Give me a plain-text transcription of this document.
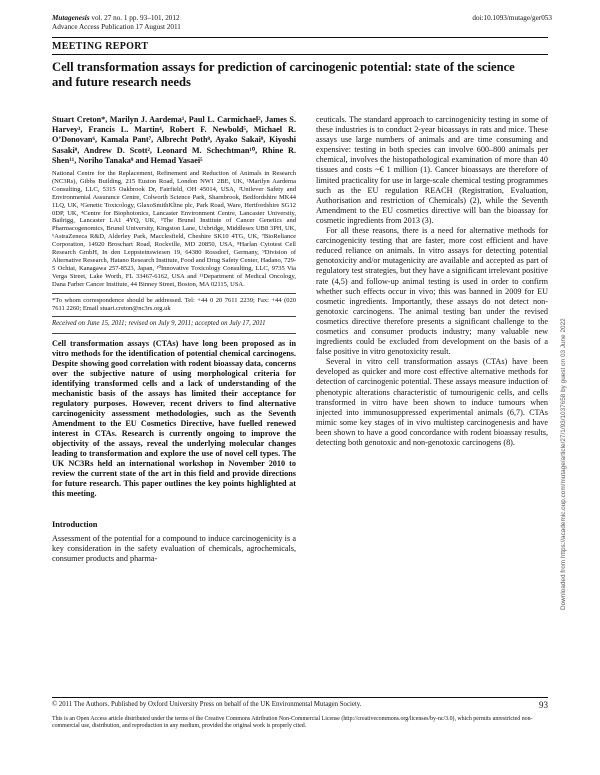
Mutagenesis vol. 27 no. 1 pp. 93–101, 2012
Advance Access Publication 17 August 2011
doi:10.1093/mutage/ger053
MEETING REPORT
Cell transformation assays for prediction of carcinogenic potential: state of the science and future research needs
Stuart Creton*, Marilyn J. Aardema¹, Paul L. Carmichael², James S. Harvey³, Francis L. Martin⁴, Robert F. Newbold⁵, Michael R. O’Donovan⁶, Kamala Pant⁷, Albrecht Poth⁸, Ayako Sakai⁹, Kiyoshi Sasaki⁹, Andrew D. Scott², Leonard M. Schechtman¹⁰, Rhine R. Shen¹¹, Noriho Tanaka⁹ and Hemad Yasaei⁵
National Centre for the Replacement, Refinement and Reduction of Animals in Research (NC3Rs), Gibbs Building, 215 Euston Road, London NW1 2BE, UK, ¹Marilyn Aardema Consulting, LLC, 5315 Oakbrook Dr, Fairfield, OH 45014, USA, ²Unilever Safety and Environmental Assurance Centre, Colworth Science Park, Sharnbrook, Bedfordshire MK44 1LQ, UK, ³Genetic Toxicology, GlaxoSmithKline plc, Park Road, Ware, Hertfordshire SG12 0DP, UK, ⁴Centre for Biophotonics, Lancaster Environment Centre, Lancaster University, Bailrigg, Lancaster LA1 4YQ, UK, ⁵The Brunel Institute of Cancer Genetics and Pharmacogenomics, Brunel University, Kingston Lane, Uxbridge, Middlesex UB8 3PH, UK, ⁶AstraZeneca R&D, Alderley Park, Macclesfield, Cheshire SK10 4TG, UK, ⁷BioReliance Corporation, 14920 Broschart Road, Rockville, MD 20850, USA, ⁸Harlan Cytotest Cell Research GmbH, In den Leppsteinswiesen 19, 64380 Rossdorf, Germany, ⁹Division of Alternative Research, Hatano Research Institute, Food and Drug Safety Center, Hadano, 729-5 Ochiai, Kanagawa 257-8523, Japan, ¹⁰Innovative Toxicology Consulting, LLC, 9735 Via Verga Street, Lake Worth, FL 33467-6162, USA and ¹¹Department of Medical Oncology, Dana Farber Cancer Institute, 44 Binney Street, Boston, MA 02115, USA.
*To whom correspondence should be addressed. Tel: +44 0 20 7611 2239; Fax: +44 (020 7611 2260; Email stuart.creton@nc3rs.org.uk
Received on June 15, 2011; revised on July 9, 2011; accepted on July 17, 2011
Cell transformation assays (CTAs) have long been proposed as in vitro methods for the identification of potential chemical carcinogens. Despite showing good correlation with rodent bioassay data, concerns over the subjective nature of using morphological criteria for identifying transformed cells and a lack of understanding of the mechanistic basis of the assays has limited their acceptance for regulatory purposes. However, recent drivers to find alternative carcinogenicity assessment methodologies, such as the Seventh Amendment to the EU Cosmetics Directive, have fuelled renewed interest in CTAs. Research is currently ongoing to improve the objectivity of the assays, reveal the underlying molecular changes leading to transformation and explore the use of novel cell types. The UK NC3Rs held an international workshop in November 2010 to review the current state of the art in this field and provide directions for future research. This paper outlines the key points highlighted at this meeting.
Introduction

Assessment of the potential for a compound to induce carcinogenicity is a key consideration in the safety evaluation of chemicals, agrochemicals, consumer products and pharma-

ceuticals. The standard approach to carcinogenicity testing in some of these industries is to conduct 2-year bioassays in rats and mice. These assays use large numbers of animals and are time consuming and expensive: testing in both species can involve 600–800 animals per chemical, involves the histopathological examination of more than 40 tissues and costs ~€ 1 million (1). Cancer bioassays are therefore of limited practicality for use in large-scale chemical testing programmes such as the EU regulation REACH (Registration, Evaluation, Authorisation and restriction of Chemicals) (2), while the Seventh Amendment to the EU cosmetics directive will ban the bioassay for cosmetic ingredients from 2013 (3).

For all these reasons, there is a need for alternative methods for carcinogenicity testing that are faster, more cost efficient and have reduced reliance on animals. In vitro assays for detecting potential genotoxicity and/or mutagenicity are available and accepted as part of regulatory test strategies, but they have a significant irrelevant positive rate (4,5) and follow-up animal testing is used in order to confirm whether such effects occur in vivo; this was banned in 2009 for EU cosmetic ingredients. Importantly, these assays do not detect non-genotoxic carcinogens. The animal testing ban under the revised cosmetics directive therefore presents a significant challenge to the cosmetics and consumer products industry; many valuable new ingredients could be excluded from development on the basis of a false positive in vitro genotoxicity result.

Several in vitro cell transformation assays (CTAs) have been developed as quicker and more cost effective alternative methods for detection of carcinogenic potential. These assays measure induction of phenotypic alterations characteristic of tumourigenic cells, and cells transformed in vitro have been shown to induce tumours when injected into immunosuppressed experimental animals (6,7). CTAs mimic some key stages of in vivo multistep carcinogenesis and have been shown to have a good concordance with rodent bioassay results, detecting both genotoxic and non-genotoxic carcinogens (8).	Downloaded from https://academic.oup.com/mutage/article/27/1/93/1037658 by guest on 03 June 2022
© 2011 The Authors. Published by Oxford University Press on behalf of the UK Environmental Mutagen Society.	93
This is an Open Access article distributed under the terms of the Creative Commons Attribution Non-Commercial License (http://creativecommons.org/licenses/by-nc/3.0), which permits unrestricted non-commercial use, distribution, and reproduction in any medium, provided the original work is properly cited.
